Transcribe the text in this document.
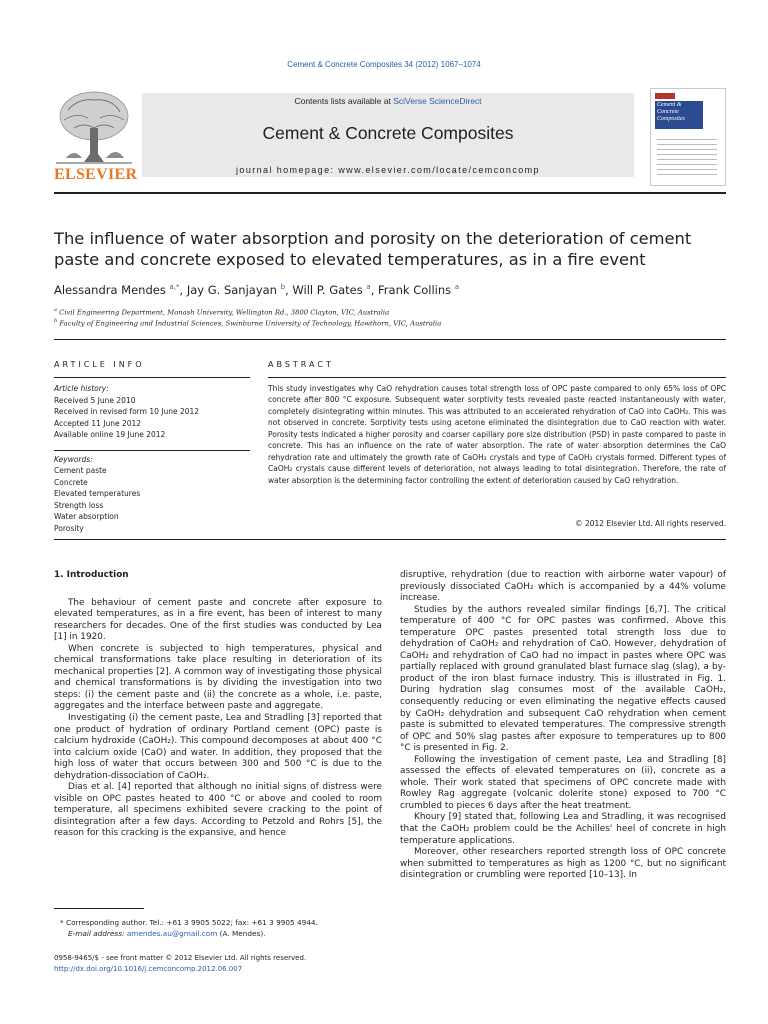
Cement & Concrete Composites 34 (2012) 1067–1074
ELSEVIER
Contents lists available at SciVerse ScienceDirect
Cement & Concrete Composites
journal homepage: www.elsevier.com/locate/cemconcomp
Cement & Concrete Composites
The influence of water absorption and porosity on the deterioration of cement paste and concrete exposed to elevated temperatures, as in a fire event
Alessandra Mendes $^{a,*}$, Jay G. Sanjayan $^b$, Will P. Gates $^a$, Frank Collins $^a$
$^a$ Civil Engineering Department, Monash University, Wellington Rd., 3800 Clayton, VIC, Australia
$^b$ Faculty of Engineering and Industrial Sciences, Swinburne University of Technology, Hawthorn, VIC, Australia
ARTICLE INFO	ABSTRACT
Article history:
Received 5 June 2010
Received in revised form 10 June 2012
Accepted 11 June 2012
Available online 19 June 2012
Keywords:
Cement paste
Concrete
Elevated temperatures
Strength loss
Water absorption
Porosity
This study investigates why CaO rehydration causes total strength loss of OPC paste compared to only 65% loss of OPC concrete after 800 °C exposure. Subsequent water sorptivity tests revealed paste reacted instantaneously with water, completely disintegrating within minutes. This was attributed to an accelerated rehydration of CaO into CaOH₂. This was not observed in concrete. Sorptivity tests using acetone eliminated the disintegration due to CaO reaction with water. Porosity tests indicated a higher porosity and coarser capillary pore size distribution (PSD) in paste compared to paste in concrete. This has an influence on the rate of water absorption. The rate of water absorption determines the CaO rehydration rate and ultimately the growth rate of CaOH₂ crystals and type of CaOH₂ crystals formed. Different types of CaOH₂ crystals cause different levels of deterioration, not always leading to total disintegration. Therefore, the rate of water absorption is the determining factor controlling the extent of deterioration caused by CaO rehydration.
© 2012 Elsevier Ltd. All rights reserved.
1. Introduction

The behaviour of cement paste and concrete after exposure to elevated temperatures, as in a fire event, has been of interest to many researchers for decades. One of the first studies was conducted by Lea [1] in 1920.

When concrete is subjected to high temperatures, physical and chemical transformations take place resulting in deterioration of its mechanical properties [2]. A common way of investigating those physical and chemical transformations is by dividing the investigation into two steps: (i) the cement paste and (ii) the concrete as a whole, i.e. paste, aggregates and the interface between paste and aggregate.

Investigating (i) the cement paste, Lea and Stradling [3] reported that one product of hydration of ordinary Portland cement (OPC) paste is calcium hydroxide (CaOH₂). This compound decomposes at about 400 °C into calcium oxide (CaO) and water. In addition, they proposed that the high loss of water that occurs between 300 and 500 °C is due to the dehydration-dissociation of CaOH₂.

Dias et al. [4] reported that although no initial signs of distress were visible on OPC pastes heated to 400 °C or above and cooled to room temperature, all specimens exhibited severe cracking to the point of disintegration after a few days. According to Petzold and Rohrs [5], the reason for this cracking is the expansive, and hence

* Corresponding author. Tel.: +61 3 9905 5022; fax: +61 3 9905 4944.
E-mail address: amendes.au@gmail.com (A. Mendes).
0958-9465/$ - see front matter © 2012 Elsevier Ltd. All rights reserved.
http://dx.doi.org/10.1016/j.cemconcomp.2012.06.007

disruptive, rehydration (due to reaction with airborne water vapour) of previously dissociated CaOH₂ which is accompanied by a 44% volume increase.

Studies by the authors revealed similar findings [6,7]. The critical temperature of 400 °C for OPC pastes was confirmed. Above this temperature OPC pastes presented total strength loss due to dehydration of CaOH₂ and rehydration of CaO. However, dehydration of CaOH₂ and rehydration of CaO had no impact in pastes where OPC was partially replaced with ground granulated blast furnace slag (slag), a by-product of the iron blast furnace industry. This is illustrated in Fig. 1. During hydration slag consumes most of the available CaOH₂, consequently reducing or even eliminating the negative effects caused by CaOH₂ dehydration and subsequent CaO rehydration when cement paste is submitted to elevated temperatures. The compressive strength of OPC and 50% slag pastes after exposure to temperatures up to 800 °C is presented in Fig. 2.

Following the investigation of cement paste, Lea and Stradling [8] assessed the effects of elevated temperatures on (ii), concrete as a whole. Their work stated that specimens of OPC concrete made with Rowley Rag aggregate (volcanic dolerite stone) exposed to 700 °C crumbled to pieces 6 days after the heat treatment.

Khoury [9] stated that, following Lea and Stradling, it was recognised that the CaOH₂ problem could be the Achilles' heel of concrete in high temperature applications.

Moreover, other researchers reported strength loss of OPC concrete when submitted to temperatures as high as 1200 °C, but no significant disintegration or crumbling were reported [10–13]. In
